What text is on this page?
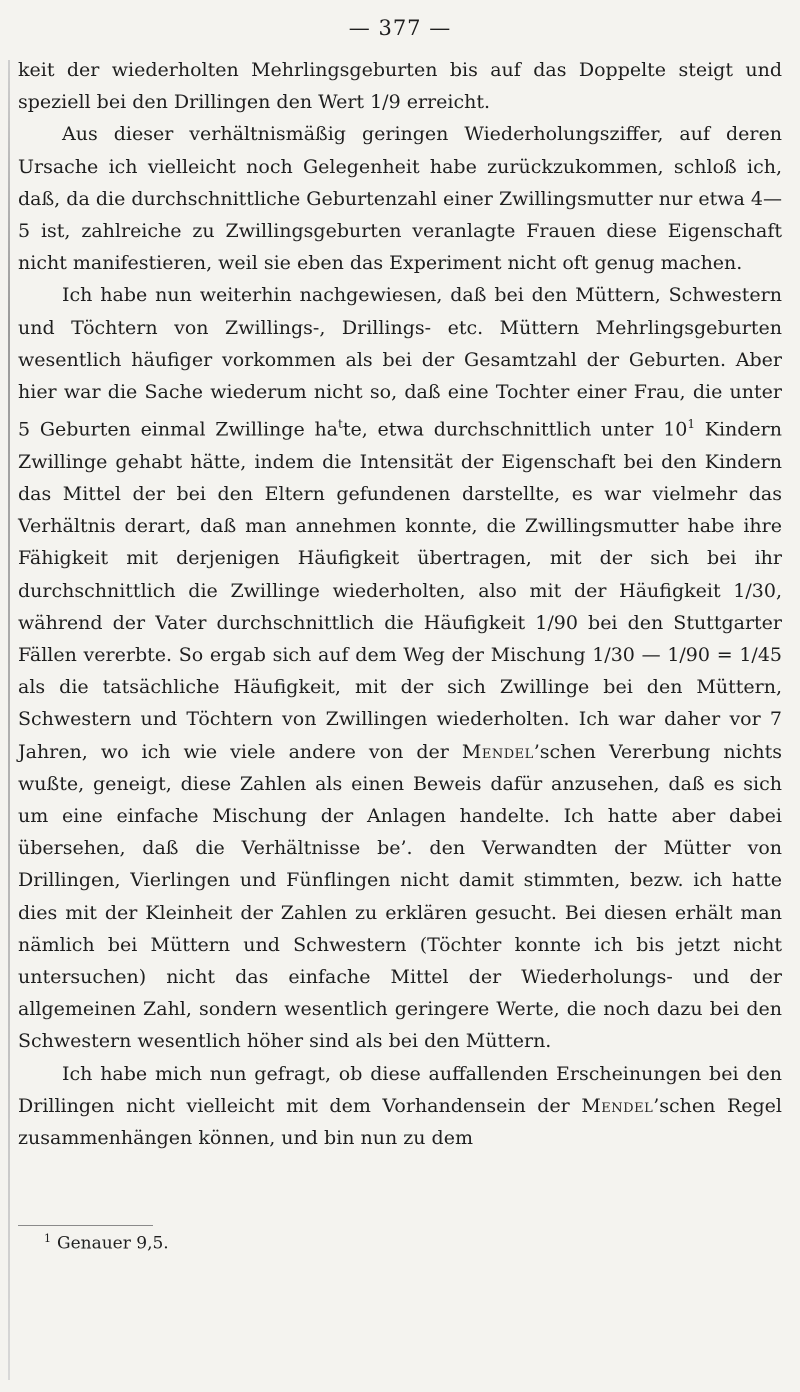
— 377 —

keit der wiederholten Mehrlingsgeburten bis auf das Doppelte steigt und speziell bei den Drillingen den Wert 1/9 erreicht.

Aus dieser verhältnismäßig geringen Wiederholungsziffer, auf deren Ursache ich vielleicht noch Gelegenheit habe zurückzukommen, schloß ich, daß, da die durchschnittliche Geburtenzahl einer Zwillingsmutter nur etwa 4—5 ist, zahlreiche zu Zwillingsgeburten veranlagte Frauen diese Eigenschaft nicht manifestieren, weil sie eben das Experiment nicht oft genug machen.

Ich habe nun weiterhin nachgewiesen, daß bei den Müttern, Schwestern und Töchtern von Zwillings-, Drillings- etc. Müttern Mehrlingsgeburten wesentlich häufiger vorkommen als bei der Gesamtzahl der Geburten. Aber hier war die Sache wiederum nicht so, daß eine Tochter einer Frau, die unter 5 Geburten einmal Zwillinge $ha^tte$, etwa durchschnittlich unter $10^1$ Kindern Zwillinge gehabt hätte, indem die Intensität der Eigenschaft bei den Kindern das Mittel der bei den Eltern gefundenen darstellte, es war vielmehr das Verhältnis derart, daß man annehmen konnte, die Zwillingsmutter habe ihre Fähigkeit mit derjenigen Häufigkeit übertragen, mit der sich bei ihr durchschnittlich die Zwillinge wiederholten, also mit der Häufigkeit 1/30, während der Vater durchschnittlich die Häufigkeit 1/90 bei den Stuttgarter Fällen vererbte. So ergab sich auf dem Weg der Mischung 1/30 — 1/90 = 1/45 als die tatsächliche Häufigkeit, mit der sich Zwillinge bei den Müttern, Schwestern und Töchtern von Zwillingen wiederholten. Ich war daher vor 7 Jahren, wo ich wie viele andere von der Mendel’schen Vererbung nichts wußte, geneigt, diese Zahlen als einen Beweis dafür anzusehen, daß es sich um eine einfache Mischung der Anlagen handelte. Ich hatte aber dabei übersehen, daß die Verhältnisse be’. den Verwandten der Mütter von Drillingen, Vierlingen und Fünflingen nicht damit stimmten, bezw. ich hatte dies mit der Kleinheit der Zahlen zu erklären gesucht. Bei diesen erhält man nämlich bei Müttern und Schwestern (Töchter konnte ich bis jetzt nicht untersuchen) nicht das einfache Mittel der Wiederholungs- und der allgemeinen Zahl, sondern wesentlich geringere Werte, die noch dazu bei den Schwestern wesentlich höher sind als bei den Müttern.

Ich habe mich nun gefragt, ob diese auffallenden Erscheinungen bei den Drillingen nicht vielleicht mit dem Vorhandensein der Mendel’schen Regel zusammenhängen können, und bin nun zu dem

$^1$ Genauer 9,5.
